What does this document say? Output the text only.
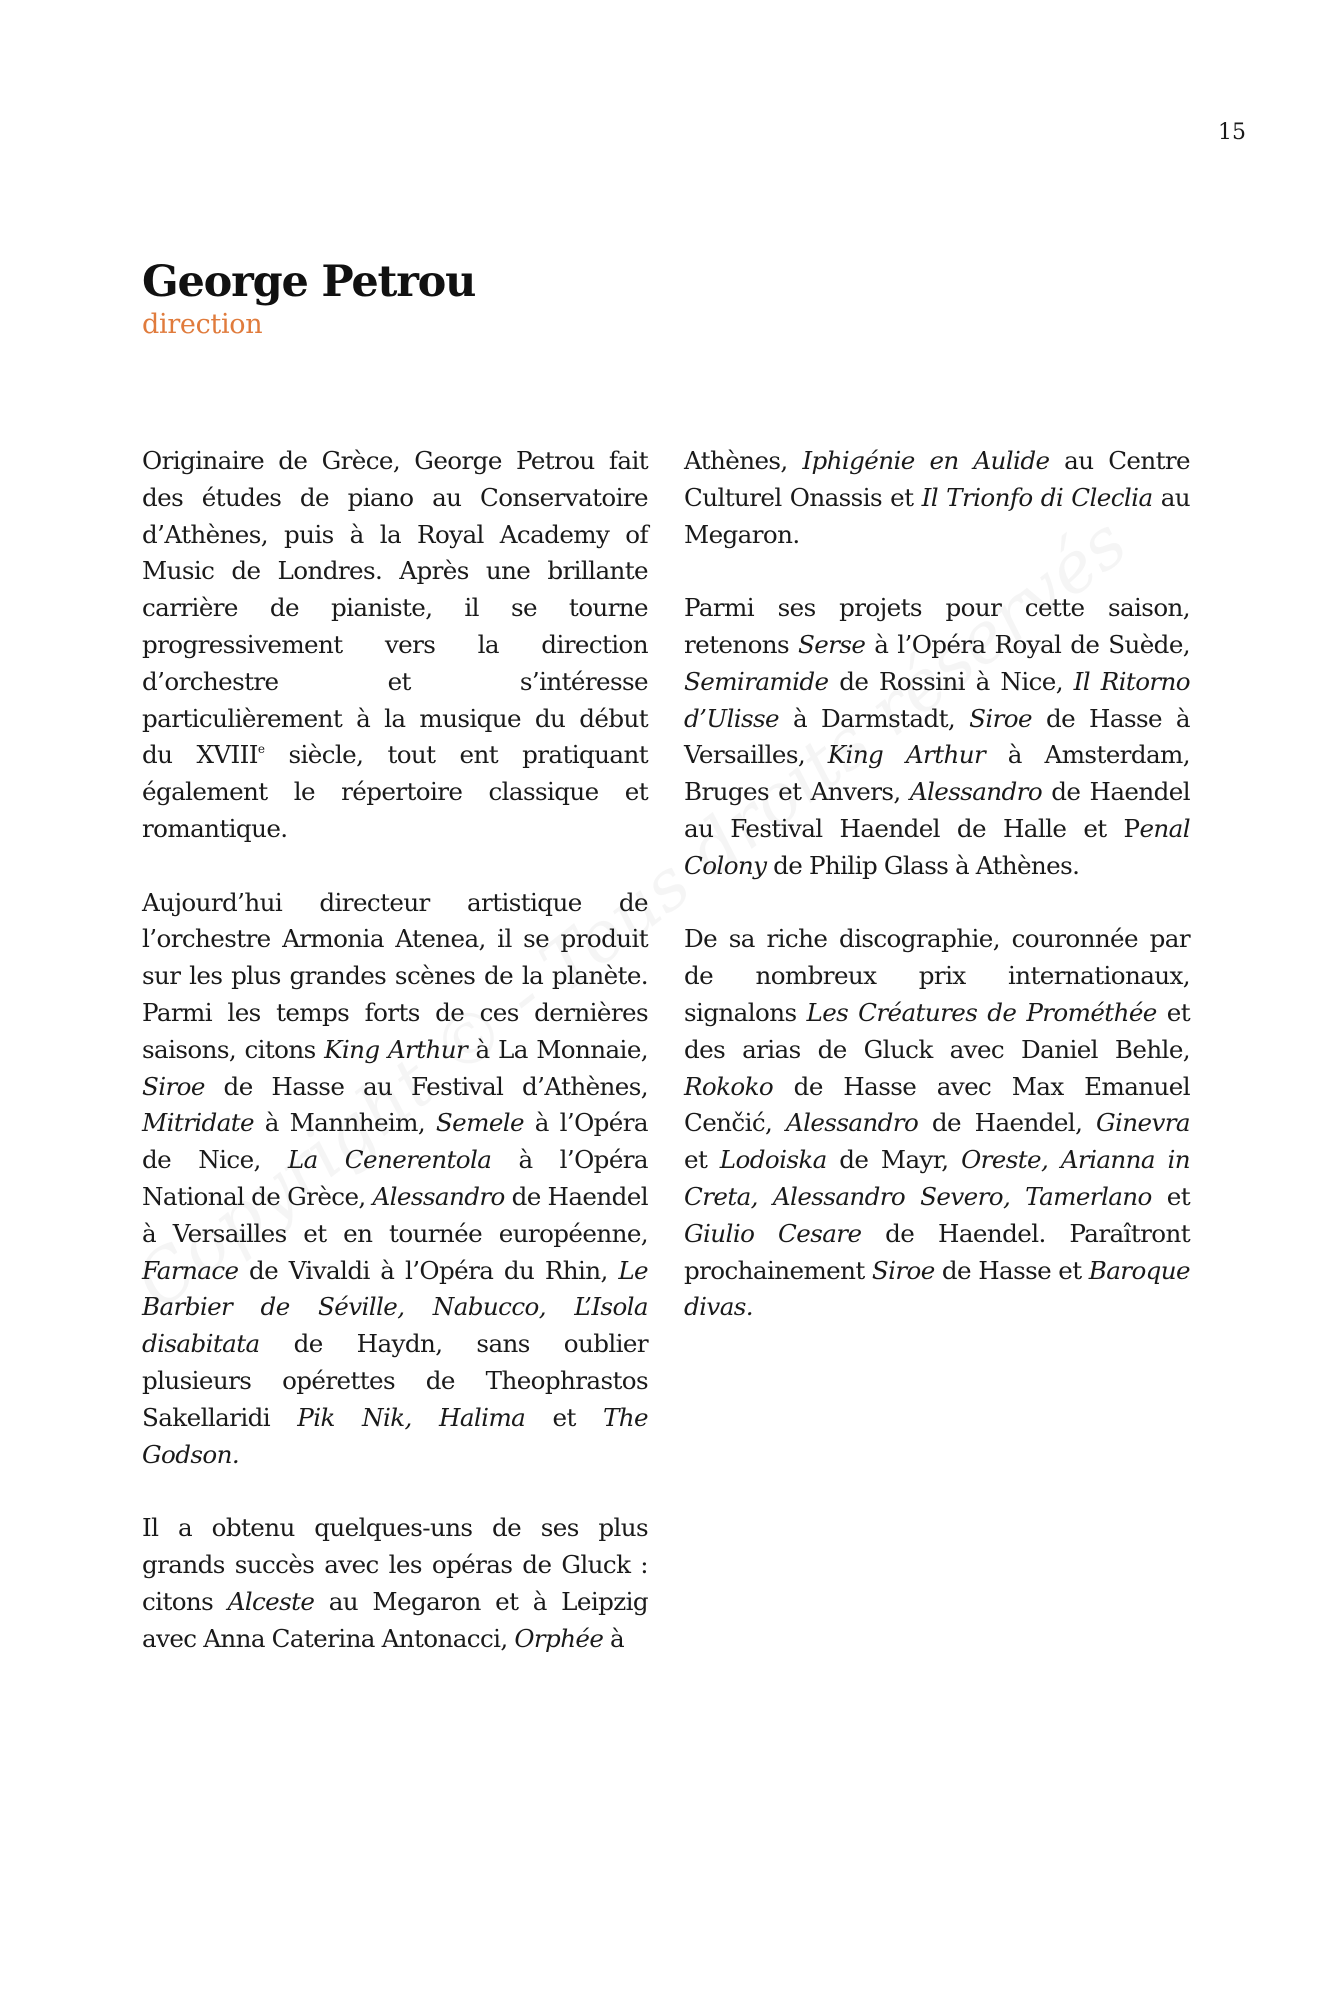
15
George Petrou
direction

Originaire de Grèce, George Petrou fait des études de piano au Conservatoire d’Athènes, puis à la Royal Academy of Music de Londres. Après une brillante carrière de pianiste, il se tourne progressivement vers la direction d’orchestre et s’intéresse particulièrement à la musique du début du XVIIIe siècle, tout ent pratiquant également le répertoire classique et romantique.

Aujourd’hui directeur artistique de l’orchestre Armonia Atenea, il se produit sur les plus grandes scènes de la planète. Parmi les temps forts de ces dernières saisons, citons King Arthur à La Monnaie, Siroe de Hasse au Festival d’Athènes, Mitridate à Mannheim, Semele à l’Opéra de Nice, La Cenerentola à l’Opéra National de Grèce, Alessandro de Haendel à Versailles et en tournée européenne, Farnace de Vivaldi à l’Opéra du Rhin, Le Barbier de Séville, Nabucco, L’Isola disabitata de Haydn, sans oublier plusieurs opérettes de Theophrastos Sakellaridi Pik Nik, Halima et The Godson.

Il a obtenu quelques-uns de ses plus grands succès avec les opéras de Gluck : citons Alceste au Megaron et à Leipzig avec Anna Caterina Antonacci, Orphée à

Athènes, Iphigénie en Aulide au Centre Culturel Onassis et Il Trionfo di Cleclia au Megaron.

Parmi ses projets pour cette saison, retenons Serse à l’Opéra Royal de Suède, Semiramide de Rossini à Nice, Il Ritorno d’Ulisse à Darmstadt, Siroe de Hasse à Versailles, King Arthur à Amsterdam, Bruges et Anvers, Alessandro de Haendel au Festival Haendel de Halle et Penal Colony de Philip Glass à Athènes.

De sa riche discographie, couronnée par de nombreux prix internationaux, signalons Les Créatures de Prométhée et des arias de Gluck avec Daniel Behle, Rokoko de Hasse avec Max Emanuel Cenčić, Alessandro de Haendel, Ginevra et Lodoiska de Mayr, Oreste, Arianna in Creta, Alessandro Severo, Tamerlano et Giulio Cesare de Haendel. Paraîtront prochainement Siroe de Hasse et Baroque divas.
